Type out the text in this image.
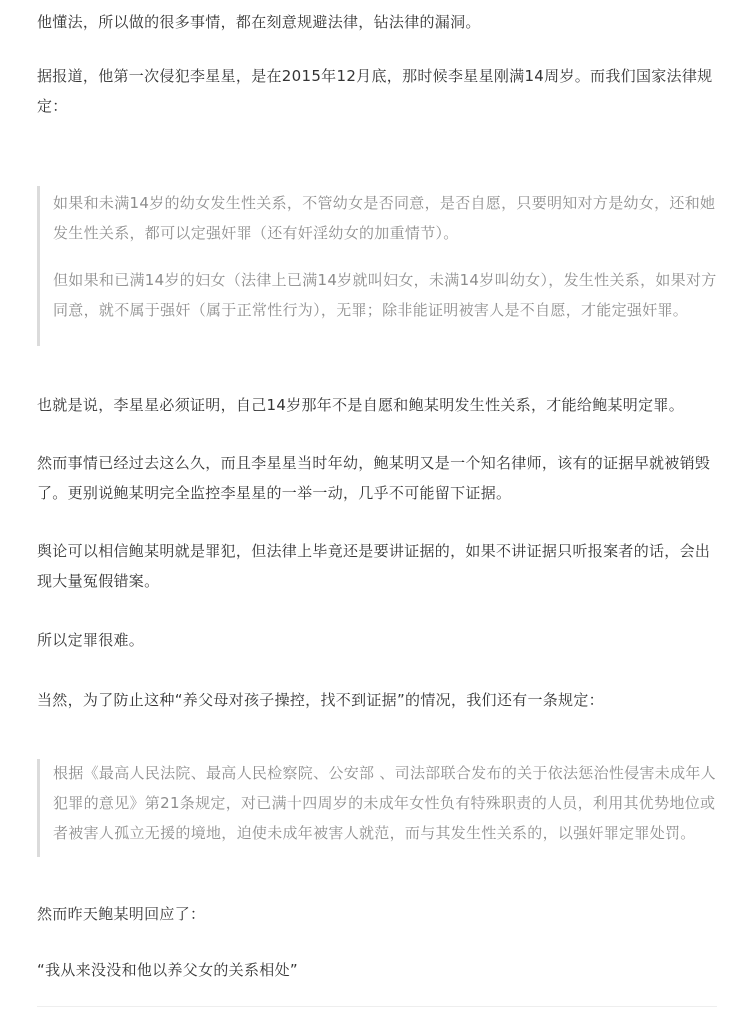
他懂法，所以做的很多事情，都在刻意规避法律，钻法律的漏洞。

据报道，他第一次侵犯李星星，是在2015年12月底，那时候李星星刚满14周岁。而我们国家法律规定：

如果和未满14岁的幼女发生性关系，不管幼女是否同意，是否自愿，只要明知对方是幼女，还和她发生性关系，都可以定强奸罪（还有奸淫幼女的加重情节）。

但如果和已满14岁的妇女（法律上已满14岁就叫妇女，未满14岁叫幼女），发生性关系，如果对方同意，就不属于强奸（属于正常性行为），无罪；除非能证明被害人是不自愿，才能定强奸罪。

也就是说，李星星必须证明，自己14岁那年不是自愿和鲍某明发生性关系，才能给鲍某明定罪。

然而事情已经过去这么久，而且李星星当时年幼，鲍某明又是一个知名律师，该有的证据早就被销毁了。更别说鲍某明完全监控李星星的一举一动，几乎不可能留下证据。

舆论可以相信鲍某明就是罪犯，但法律上毕竟还是要讲证据的，如果不讲证据只听报案者的话，会出现大量冤假错案。

所以定罪很难。

当然，为了防止这种“养父母对孩子操控，找不到证据”的情况，我们还有一条规定：

根据《最高人民法院、最高人民检察院、公安部 、司法部联合发布的关于依法惩治性侵害未成年人犯罪的意见》第21条规定，对已满十四周岁的未成年女性负有特殊职责的人员，利用其优势地位或者被害人孤立无援的境地，迫使未成年被害人就范，而与其发生性关系的，以强奸罪定罪处罚。

然而昨天鲍某明回应了：

“我从来没没和他以养父女的关系相处”
